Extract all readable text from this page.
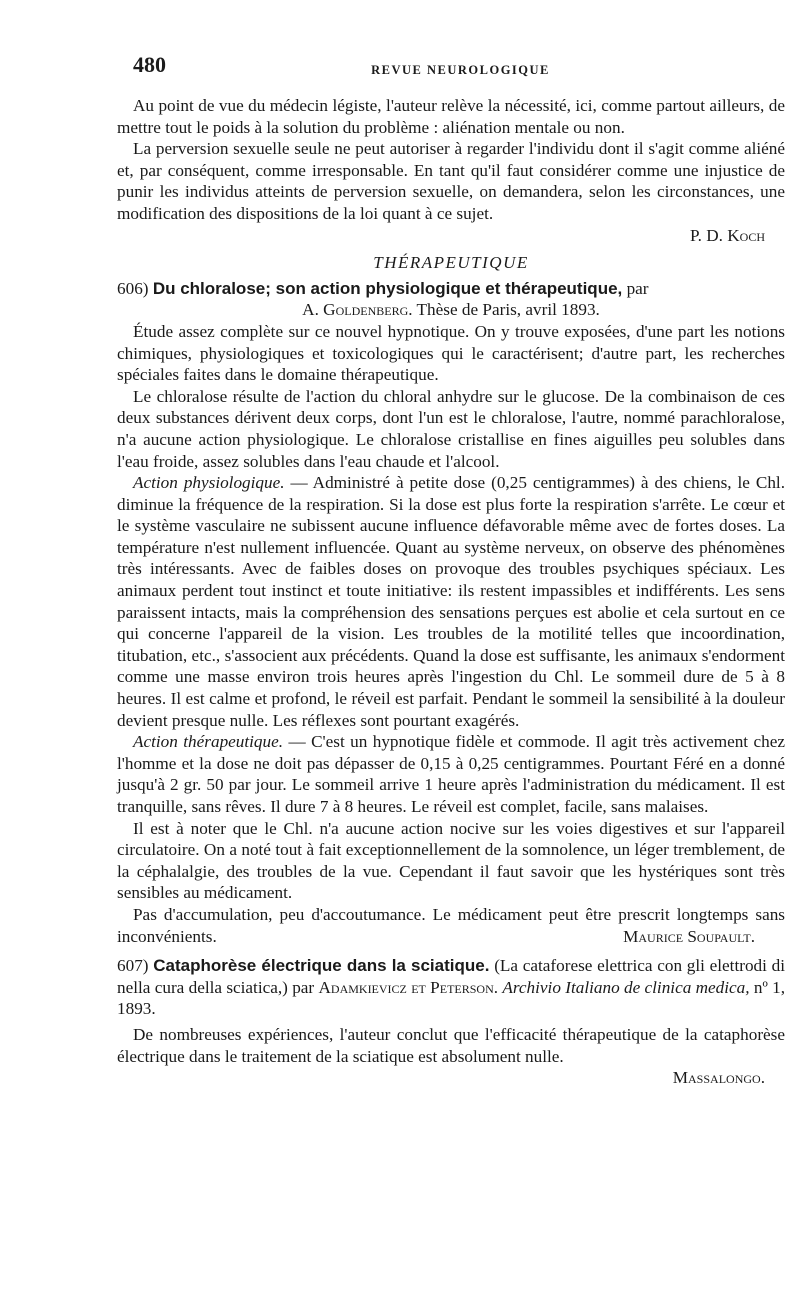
480	REVUE NEUROLOGIQUE

Au point de vue du médecin légiste, l'auteur relève la nécessité, ici, comme partout ailleurs, de mettre tout le poids à la solution du problème : aliénation mentale ou non.

La perversion sexuelle seule ne peut autoriser à regarder l'individu dont il s'agit comme aliéné et, par conséquent, comme irresponsable. En tant qu'il faut considérer comme une injustice de punir les individus atteints de perversion sexuelle, on demandera, selon les circonstances, une modification des dispositions de la loi quant à ce sujet.

P. D. Koch
THÉRAPEUTIQUE

606) Du chloralose; son action physiologique et thérapeutique, par

A. Goldenberg. Thèse de Paris, avril 1893.

Étude assez complète sur ce nouvel hypnotique. On y trouve exposées, d'une part les notions chimiques, physiologiques et toxicologiques qui le caractérisent; d'autre part, les recherches spéciales faites dans le domaine thérapeutique.

Le chloralose résulte de l'action du chloral anhydre sur le glucose. De la combinaison de ces deux substances dérivent deux corps, dont l'un est le chloralose, l'autre, nommé parachloralose, n'a aucune action physiologique. Le chloralose cristallise en fines aiguilles peu solubles dans l'eau froide, assez solubles dans l'eau chaude et l'alcool.

Action physiologique. — Administré à petite dose (0,25 centigrammes) à des chiens, le Chl. diminue la fréquence de la respiration. Si la dose est plus forte la respiration s'arrête. Le cœur et le système vasculaire ne subissent aucune influence défavorable même avec de fortes doses. La température n'est nullement influencée. Quant au système nerveux, on observe des phénomènes très intéressants. Avec de faibles doses on provoque des troubles psychiques spéciaux. Les animaux perdent tout instinct et toute initiative: ils restent impassibles et indifférents. Les sens paraissent intacts, mais la compréhension des sensations perçues est abolie et cela surtout en ce qui concerne l'appareil de la vision. Les troubles de la motilité telles que incoordination, titubation, etc., s'associent aux précédents. Quand la dose est suffisante, les animaux s'endorment comme une masse environ trois heures après l'ingestion du Chl. Le sommeil dure de 5 à 8 heures. Il est calme et profond, le réveil est parfait. Pendant le sommeil la sensibilité à la douleur devient presque nulle. Les réflexes sont pourtant exagérés.

Action thérapeutique. — C'est un hypnotique fidèle et commode. Il agit très activement chez l'homme et la dose ne doit pas dépasser de 0,15 à 0,25 centigrammes. Pourtant Féré en a donné jusqu'à 2 gr. 50 par jour. Le sommeil arrive 1 heure après l'administration du médicament. Il est tranquille, sans rêves. Il dure 7 à 8 heures. Le réveil est complet, facile, sans malaises.

Il est à noter que le Chl. n'a aucune action nocive sur les voies digestives et sur l'appareil circulatoire. On a noté tout à fait exceptionnellement de la somnolence, un léger tremblement, de la céphalalgie, des troubles de la vue. Cependant il faut savoir que les hystériques sont très sensibles au médicament.

Pas d'accumulation, peu d'accoutumance. Le médicament peut être prescrit longtemps sans inconvénients.	Maurice Soupault.

607) Cataphorèse électrique dans la sciatique. (La cataforese elettrica con gli elettrodi di nella cura della sciatica,) par Adamkievicz et Peterson. Archivio Italiano de clinica medica, nº 1, 1893.

De nombreuses expériences, l'auteur conclut que l'efficacité thérapeutique de la cataphorèse électrique dans le traitement de la sciatique est absolument nulle.

Massalongo.
